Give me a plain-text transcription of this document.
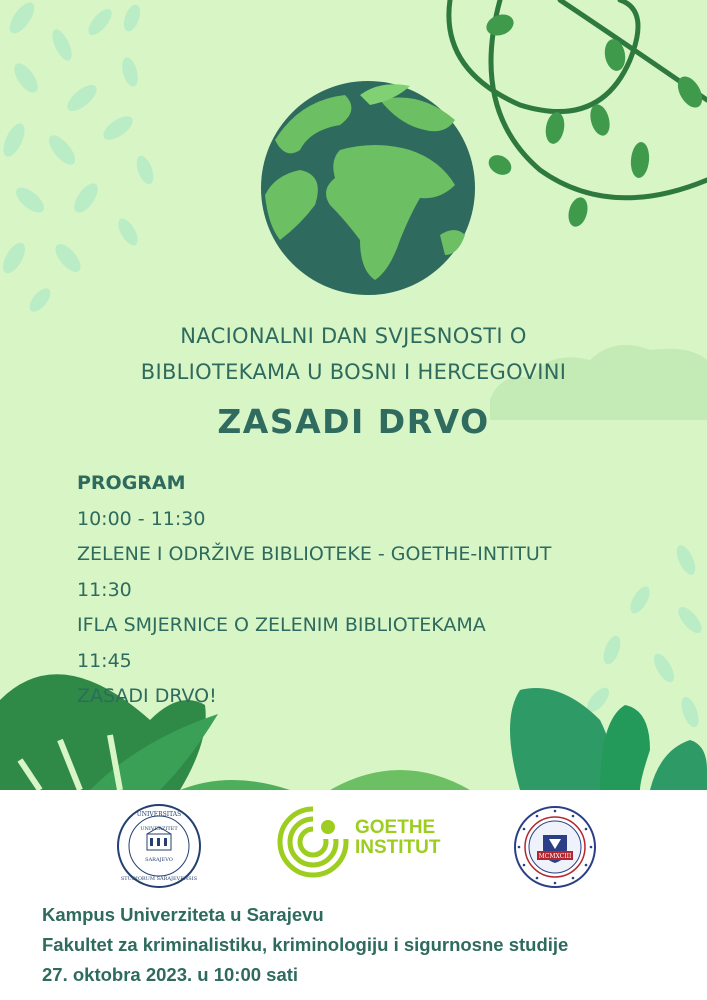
NACIONALNI DAN SVJESNOSTI O
BIBLIOTEKAMA U BOSNI I HERCEGOVINI
ZASADI DRVO
PROGRAM
10:00 - 11:30
ZELENE I ODRŽIVE BIBLIOTEKE - GOETHE-INTITUT
11:30
IFLA SMJERNICE O ZELENIM BIBLIOTEKAMA
11:45
ZASADI DRVO!
UNIVERSITAS
UNIVERZITET
SARAJEVO
STUDIORUM SARAJEVENSIS
GOETHE
INSTITUT	MCMXCIII
Kampus Univerziteta u Sarajevu
Fakultet za kriminalistiku, kriminologiju i sigurnosne studije
27. oktobra 2023. u 10:00 sati
